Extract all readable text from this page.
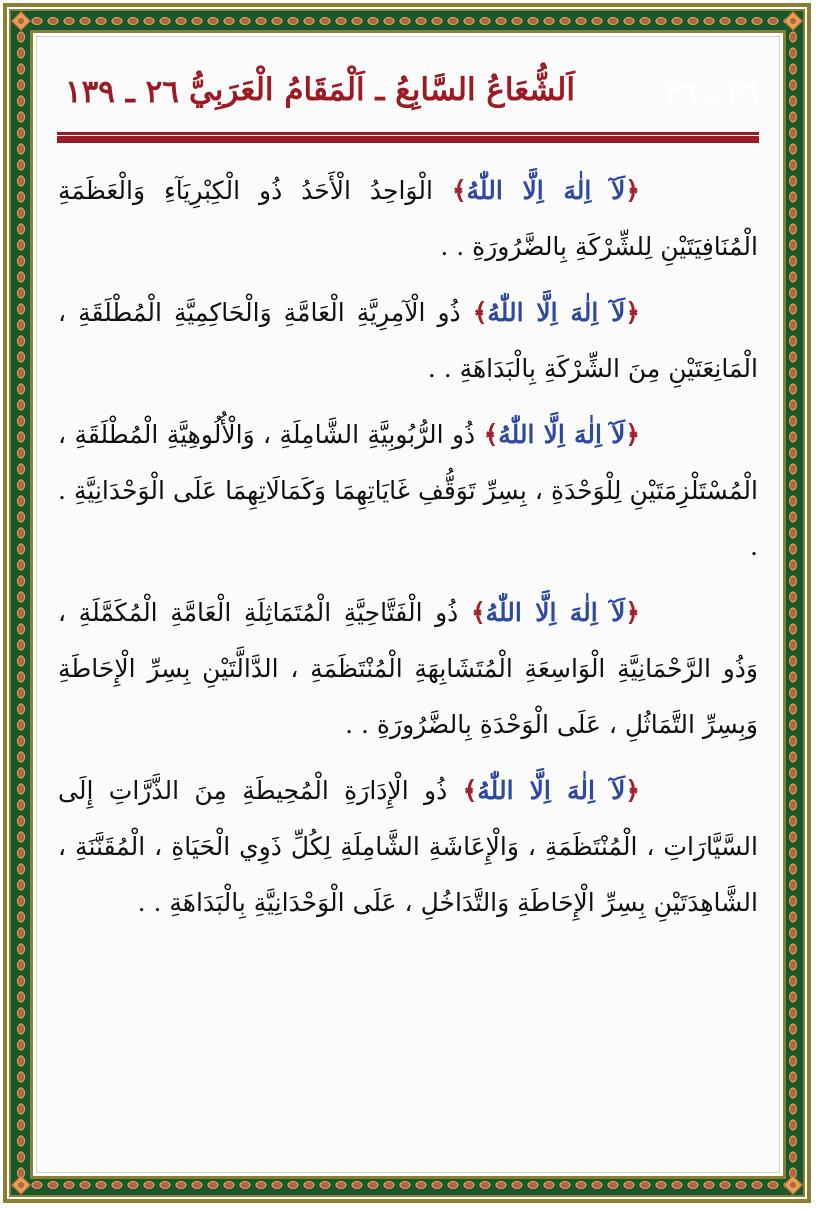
٢٦ ـ ٢٦
اَلشُّعَاعُ السَّابِعُ ـ اَلْمَقَامُ الْعَرَبِيُّ
٢٦ ـ ١٣٩

﴿لَآ اِلٰهَ اِلَّا اللّٰهُ﴾ الْوَاحِدُ الْأَحَدُ ذُو الْكِبْرِيَآءِ وَالْعَظَمَةِ الْمُنَافِيَتَيْنِ لِلشِّرْكَةِ بِالضَّرُورَةِ . .

﴿لَآ اِلٰهَ اِلَّا اللّٰهُ﴾ ذُو الْآمِرِيَّةِ الْعَامَّةِ وَالْحَاكِمِيَّةِ الْمُطْلَقَةِ ، الْمَانِعَتَيْنِ مِنَ الشِّرْكَةِ بِالْبَدَاهَةِ . .

﴿لَآ اِلٰهَ اِلَّا اللّٰهُ﴾ ذُو الرُّبُوبِيَّةِ الشَّامِلَةِ ، وَالْأُلُوهِيَّةِ الْمُطْلَقَةِ ، الْمُسْتَلْزِمَتَيْنِ لِلْوَحْدَةِ ، بِسِرِّ تَوَقُّفِ غَايَاتِهِمَا وَكَمَالَاتِهِمَا عَلَى الْوَحْدَانِيَّةِ . .

﴿لَآ اِلٰهَ اِلَّا اللّٰهُ﴾ ذُو الْفَتَّاحِيَّةِ الْمُتَمَاثِلَةِ الْعَامَّةِ الْمُكَمَّلَةِ ، وَذُو الرَّحْمَانِيَّةِ الْوَاسِعَةِ الْمُتَشَابِهَةِ الْمُنْتَظَمَةِ ، الدَّالَّتَيْنِ بِسِرِّ الْإِحَاطَةِ وَبِسِرِّ التَّمَاثُلِ ، عَلَى الْوَحْدَةِ بِالضَّرُورَةِ . .

﴿لَآ اِلٰهَ اِلَّا اللّٰهُ﴾ ذُو الْإِدَارَةِ الْمُحِيطَةِ مِنَ الذَّرَّاتِ إِلَى السَّيَّارَاتِ ، الْمُنْتَظَمَةِ ، وَالْإِعَاشَةِ الشَّامِلَةِ لِكُلِّ ذَوِي الْحَيَاةِ ، الْمُقَنَّنَةِ ، الشَّاهِدَتَيْنِ بِسِرِّ الْإِحَاطَةِ وَالتَّدَاخُلِ ، عَلَى الْوَحْدَانِيَّةِ بِالْبَدَاهَةِ . .
